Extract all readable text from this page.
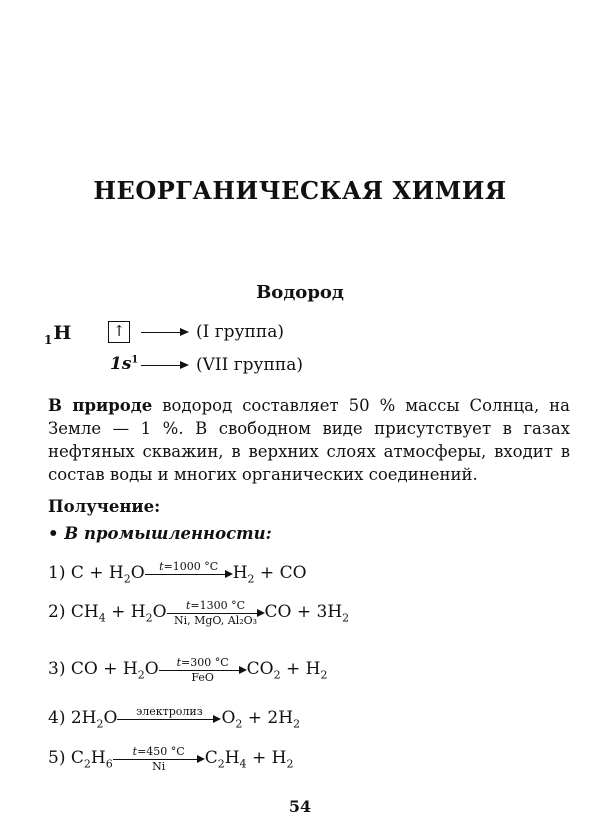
НЕОРГАНИЧЕСКАЯ ХИМИЯ
Водород
$_1$H	↑	(I группа)
$1s^1$	(VII группа)
В природе водород составляет 50 % массы Солнца, на Земле — 1 %. В свободном виде присутствует в газах нефтяных скважин, в верхних слоях атмосферы, входит в состав воды и многих органических соединений.
Получение:
• В промышленности:
1) $C + H_2O$	t=1000 °C $H_2$ + CO
2) $CH_4 + H_2O$	t=1300 °C
Ni, MgO, Al₂O₃ CO + $3H_2$
3) CO + $H_2O$	t=300 °C
FeO	$CO_2 + H_2$
4) $2H_2O$	электролиз	$O_2 + 2H_2$
5) $C_2H_6 \frac{t=450 ^\circ C}{Ni} C_2H_4 + H_2$
54
